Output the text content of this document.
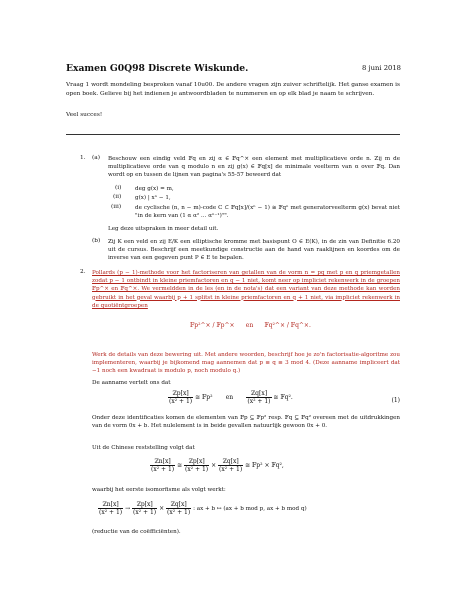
Examen G0Q98 Discrete Wiskunde.	8 juni 2018
Vraag 1 wordt mondeling besproken vanaf 10u00. De andere vragen zijn zuiver schriftelijk. Het ganse examen is open boek. Gelieve bij het indienen je antwoordbladen te nummeren en op elk blad je naam te schrijven.
Veel succes!
1. (a) Beschouw een eindig veld 𝔽q en zij α ∈ 𝔽q^× een element met multiplicatieve orde n. Zij m de multiplicatieve orde van q modulo n en zij g(x) ∈ 𝔽q[x] de minimale veelterm van α over 𝔽q. Dan wordt op en tussen de lijnen van pagina's 55-57 beweerd dat
(i) deg g(x) = m,
(ii) g(x) | xⁿ − 1,
(iii) de cyclische (n, n − m)-code C ⊂ 𝔽q[x]/(xⁿ − 1) ≅ 𝔽qⁿ met generatorveelterm g(x) bevat niet "in de kern van (1 α α² … αⁿ⁻¹)ᵀ".
Leg deze uitspraken in meer detail uit.
(b) Zij K een veld en zij E/K een elliptische kromme met basispunt O ∈ E(K), in de zin van Definitie 6.20 uit de cursus. Beschrijf een meetkundige constructie aan de hand van raaklijnen en koordes om de inverse van een gegeven punt P ∈ E te bepalen.
2. Pollards (p − 1)-methode voor het factoriseren van getallen van de vorm n = pq met p en q priemgetallen zodat p − 1 ontbindt in kleine priemfactoren en q − 1 niet, komt neer op impliciet rekenwerk in de groepen 𝔽p^× en 𝔽q^×. We vermeldden in de les (en in de nota's) dat een variant van deze methode kan worden gebruikt in het geval waarbij p + 1 splitst in kleine priemfactoren en q + 1 niet, via impliciet rekenwerk in de quotiëntgroepen
𝔽p²^× / 𝔽p^× en 𝔽q²^× / 𝔽q^×.
Werk de details van deze bewering uit. Met andere woorden, beschrijf hoe je zo'n factorisatie-algoritme zou implementeren, waarbij je bijkomend mag aannemen dat p ≡ q ≡ 3 mod 4. (Deze aanname impliceert dat −1 noch een kwadraat is modulo p, noch modulo q.)
De aanname vertelt ons dat
$\frac{\text{ℤp[x]}}{\text{(x² + 1)}}$ ≅ 𝔽p² en $\frac{\text{ℤq[x]}}{\text{(x² + 1)}}$ ≅ 𝔽q².	(1)
Onder deze identificaties komen de elementen van 𝔽p ⊆ 𝔽p² resp. 𝔽q ⊆ 𝔽q² overeen met de uitdrukkingen van de vorm 0x + b. Het nulelement is in beide gevallen natuurlijk gewoon 0x + 0.
Uit de Chinese reststelling volgt dat
$\frac{\text{ℤn[x]}}{\text{(x² + 1)}}$ ≅ $\frac{\text{ℤp[x]}}{\text{(x² + 1)}} \times \frac{\text{ℤq[x]}}{\text{(x² + 1)}}$ ≅ 𝔽p² × 𝔽q²,
waarbij het eerste isomorfisme als volgt werkt:
$\frac{\text{ℤn[x]}}{\text{(x² + 1)}} \to \frac{\text{ℤp[x]}}{\text{(x² + 1)}} \times \frac{\text{ℤq[x]}}{\text{(x² + 1)}}$ : ax + b ↦ (ax + b mod p, ax + b mod q)
(reductie van de coëfficiënten).
